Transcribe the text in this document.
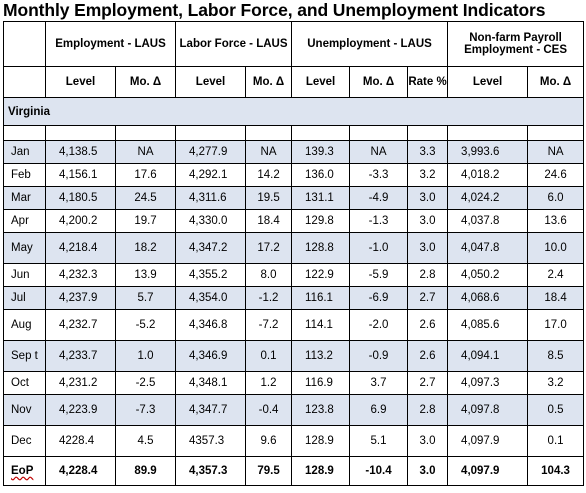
Monthly Employment, Labor Force, and Unemployment Indicators
	Employment - LAUS		Labor Force - LAUS		Unemployment - LAUS			Non-farm Payroll Employment - CES	
	Level	Mo. Δ	Level	Mo. Δ	Level	Mo. Δ	Rate %	Level	Mo. Δ
Virginia									

Jan	4,138.5	NA	4,277.9	NA	139.3	NA	3.3	3,993.6	NA
Feb	4,156.1	17.6	4,292.1	14.2	136.0	-3.3	3.2	4,018.2	24.6
Mar	4,180.5	24.5	4,311.6	19.5	131.1	-4.9	3.0	4,024.2	6.0
Apr	4,200.2	19.7	4,330.0	18.4	129.8	-1.3	3.0	4,037.8	13.6
May	4,218.4	18.2	4,347.2	17.2	128.8	-1.0	3.0	4,047.8	10.0
Jun	4,232.3	13.9	4,355.2	8.0	122.9	-5.9	2.8	4,050.2	2.4
Jul	4,237.9	5.7	4,354.0	-1.2	116.1	-6.9	2.7	4,068.6	18.4
Aug	4,232.7	-5.2	4,346.8	-7.2	114.1	-2.0	2.6	4,085.6	17.0
Sep t	4,233.7	1.0	4,346.9	0.1	113.2	-0.9	2.6	4,094.1	8.5
Oct	4,231.2	-2.5	4,348.1	1.2	116.9	3.7	2.7	4,097.3	3.2
Nov	4,223.9	-7.3	4,347.7	-0.4	123.8	6.9	2.8	4,097.8	0.5
Dec	4228.4	4.5	4357.3	9.6	128.9	5.1	3.0	4,097.9	0.1
EoP	4,228.4	89.9	4,357.3	79.5	128.9	-10.4	3.0	4,097.9	104.3
